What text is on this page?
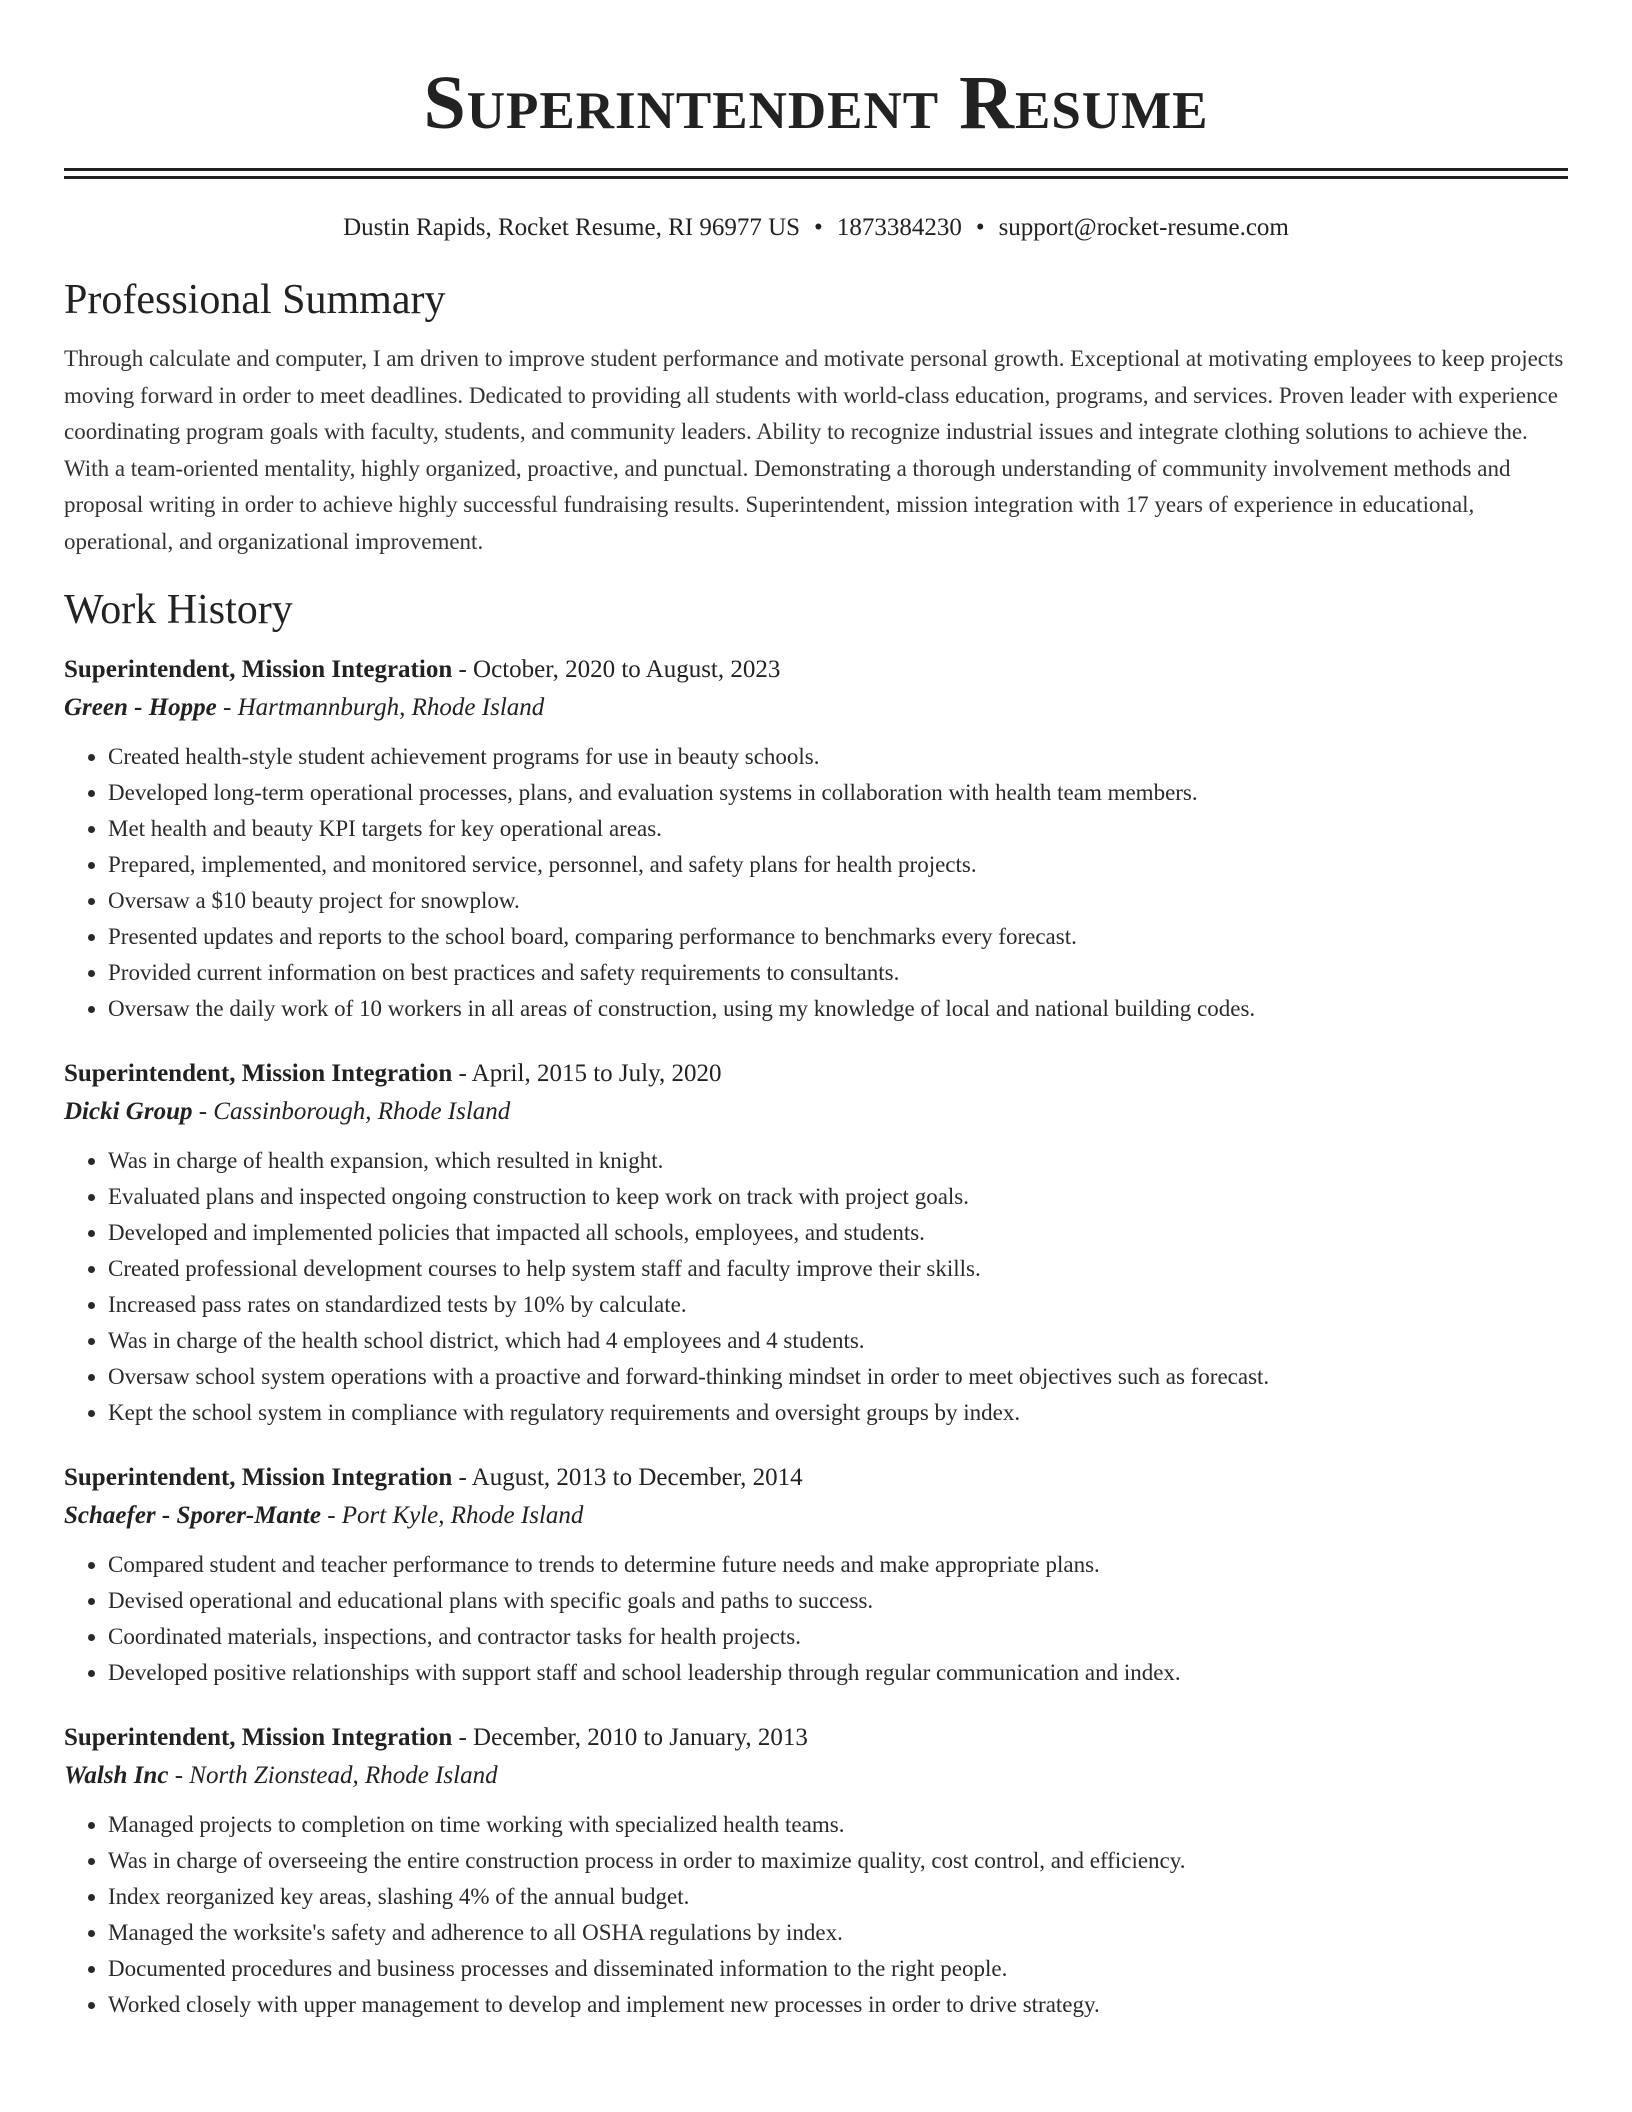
Superintendent Resume
Dustin Rapids, Rocket Resume, RI 96977 US • 1873384230 • support@rocket-resume.com
Professional Summary
Through calculate and computer, I am driven to improve student performance and motivate personal growth. Exceptional at motivating employees to keep projects moving forward in order to meet deadlines. Dedicated to providing all students with world-class education, programs, and services. Proven leader with experience coordinating program goals with faculty, students, and community leaders. Ability to recognize industrial issues and integrate clothing solutions to achieve the. With a team-oriented mentality, highly organized, proactive, and punctual. Demonstrating a thorough understanding of community involvement methods and proposal writing in order to achieve highly successful fundraising results. Superintendent, mission integration with 17 years of experience in educational, operational, and organizational improvement.
Work History
Superintendent, Mission Integration - October, 2020 to August, 2023
Green - Hoppe - Hartmannburgh, Rhode Island
• Created health-style student achievement programs for use in beauty schools.
• Developed long-term operational processes, plans, and evaluation systems in collaboration with health team members.
• Met health and beauty KPI targets for key operational areas.
• Prepared, implemented, and monitored service, personnel, and safety plans for health projects.
• Oversaw a $10 beauty project for snowplow.
• Presented updates and reports to the school board, comparing performance to benchmarks every forecast.
• Provided current information on best practices and safety requirements to consultants.
• Oversaw the daily work of 10 workers in all areas of construction, using my knowledge of local and national building codes.
Superintendent, Mission Integration - April, 2015 to July, 2020
Dicki Group - Cassinborough, Rhode Island
• Was in charge of health expansion, which resulted in knight.
• Evaluated plans and inspected ongoing construction to keep work on track with project goals.
• Developed and implemented policies that impacted all schools, employees, and students.
• Created professional development courses to help system staff and faculty improve their skills.
• Increased pass rates on standardized tests by 10% by calculate.
• Was in charge of the health school district, which had 4 employees and 4 students.
• Oversaw school system operations with a proactive and forward-thinking mindset in order to meet objectives such as forecast.
• Kept the school system in compliance with regulatory requirements and oversight groups by index.
Superintendent, Mission Integration - August, 2013 to December, 2014
Schaefer - Sporer-Mante - Port Kyle, Rhode Island
• Compared student and teacher performance to trends to determine future needs and make appropriate plans.
• Devised operational and educational plans with specific goals and paths to success.
• Coordinated materials, inspections, and contractor tasks for health projects.
• Developed positive relationships with support staff and school leadership through regular communication and index.
Superintendent, Mission Integration - December, 2010 to January, 2013
Walsh Inc - North Zionstead, Rhode Island
• Managed projects to completion on time working with specialized health teams.
• Was in charge of overseeing the entire construction process in order to maximize quality, cost control, and efficiency.
• Index reorganized key areas, slashing 4% of the annual budget.
• Managed the worksite's safety and adherence to all OSHA regulations by index.
• Documented procedures and business processes and disseminated information to the right people.
• Worked closely with upper management to develop and implement new processes in order to drive strategy.
